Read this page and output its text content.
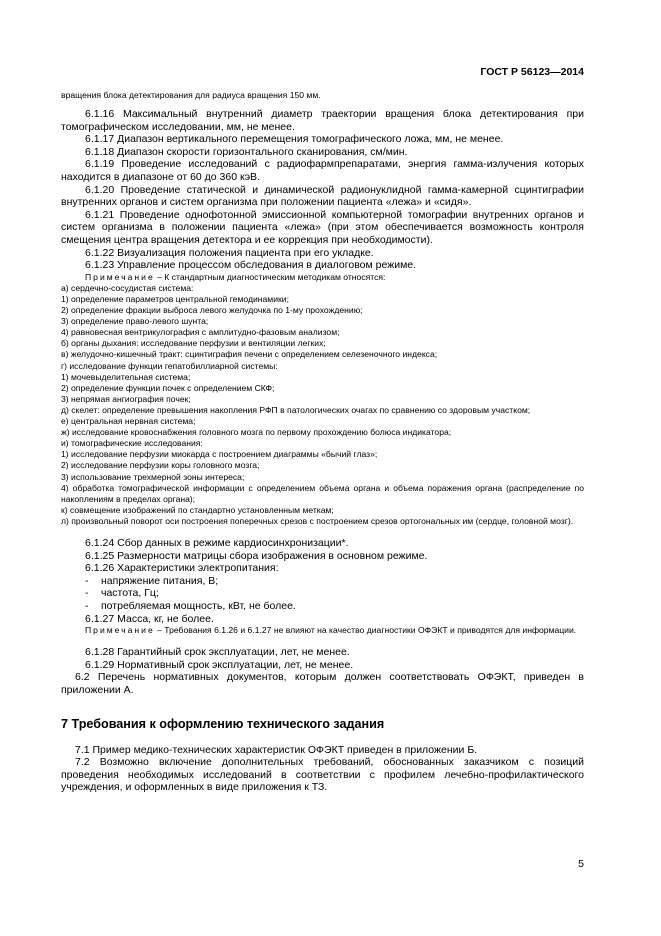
ГОСТ Р 56123—2014

вращения блока детектирования для радиуса вращения 150 мм.

6.1.16 Максимальный внутренний диаметр траектории вращения блока детектирования при томографическом исследовании, мм, не менее.

6.1.17 Диапазон вертикального перемещения томографического ложа, мм, не менее.

6.1.18 Диапазон скорости горизонтального сканирования, см/мин.

6.1.19 Проведение исследований с радиофармпрепаратами, энергия гамма-излучения которых находится в диапазоне от 60 до 360 кэВ.

6.1.20 Проведение статической и динамической радионуклидной гамма-камерной сцинтиграфии внутренних органов и систем организма при положении пациента «лежа» и «сидя».

6.1.21 Проведение однофотонной эмиссионной компьютерной томографии внутренних органов и систем организма в положении пациента «лежа» (при этом обеспечивается возможность контроля смещения центра вращения детектора и ее коррекция при необходимости).

6.1.22 Визуализация положения пациента при его укладке.

6.1.23 Управление процессом обследования в диалоговом режиме.

Примечание – К стандартным диагностическим методикам относятся:

а) сердечно-сосудистая система:

1) определение параметров центральной гемодинамики;

2) определение фракции выброса левого желудочка по 1-му прохождению;

3) определение право-левого шунта;

4) равновесная вентрикулография с амплитудно-фазовым анализом;

б) органы дыхания: исследование перфузии и вентиляции легких;

в) желудочно-кишечный тракт: сцинтиграфия печени с определением селезеночного индекса;

г) исследование функции гепатобиллиарной системы:

1) мочевыделительная система;

2) определение функции почек с определением СКФ;

3) непрямая ангиография почек;

д) скелет: определение превышения накопления РФП в патологических очагах по сравнению со здоровым участком;

е) центральная нервная система;

ж) исследование кровоснабжения головного мозга по первому прохождению болюса индикатора;

и) томографические исследования:

1) исследование перфузии миокарда с построением диаграммы «бычий глаз»;

2) исследование перфузии коры головного мозга;

3) использование трехмерной зоны интереса;

4) обработка томографической информации с определением объема органа и объема поражения органа (распределение по накоплениям в пределах органа);

к) совмещение изображений по стандартно установленным меткам;

л) произвольный поворот оси построения поперечных срезов с построением срезов ортогональных им (сердце, головной мозг).

6.1.24 Сбор данных в режиме кардиосинхронизации*.

6.1.25 Размерности матрицы сбора изображения в основном режиме.

6.1.26 Характеристики электропитания:

- напряжение питания, В;

- частота, Гц;

- потребляемая мощность, кВт, не более.

6.1.27 Масса, кг, не более.

Примечание – Требования 6.1.26 и 6.1.27 не влияют на качество диагностики ОФЭКТ и приводятся для информации.

6.1.28 Гарантийный срок эксплуатации, лет, не менее.

6.1.29 Нормативный срок эксплуатации, лет, не менее.

6.2 Перечень нормативных документов, которым должен соответствовать ОФЭКТ, приведен в приложении А.

7 Требования к оформлению технического задания

7.1 Пример медико-технических характеристик ОФЭКТ приведен в приложении Б.

7.2 Возможно включение дополнительных требований, обоснованных заказчиком с позиций проведения необходимых исследований в соответствии с профилем лечебно-профилактического учреждения, и оформленных в виде приложения к ТЗ.

5
